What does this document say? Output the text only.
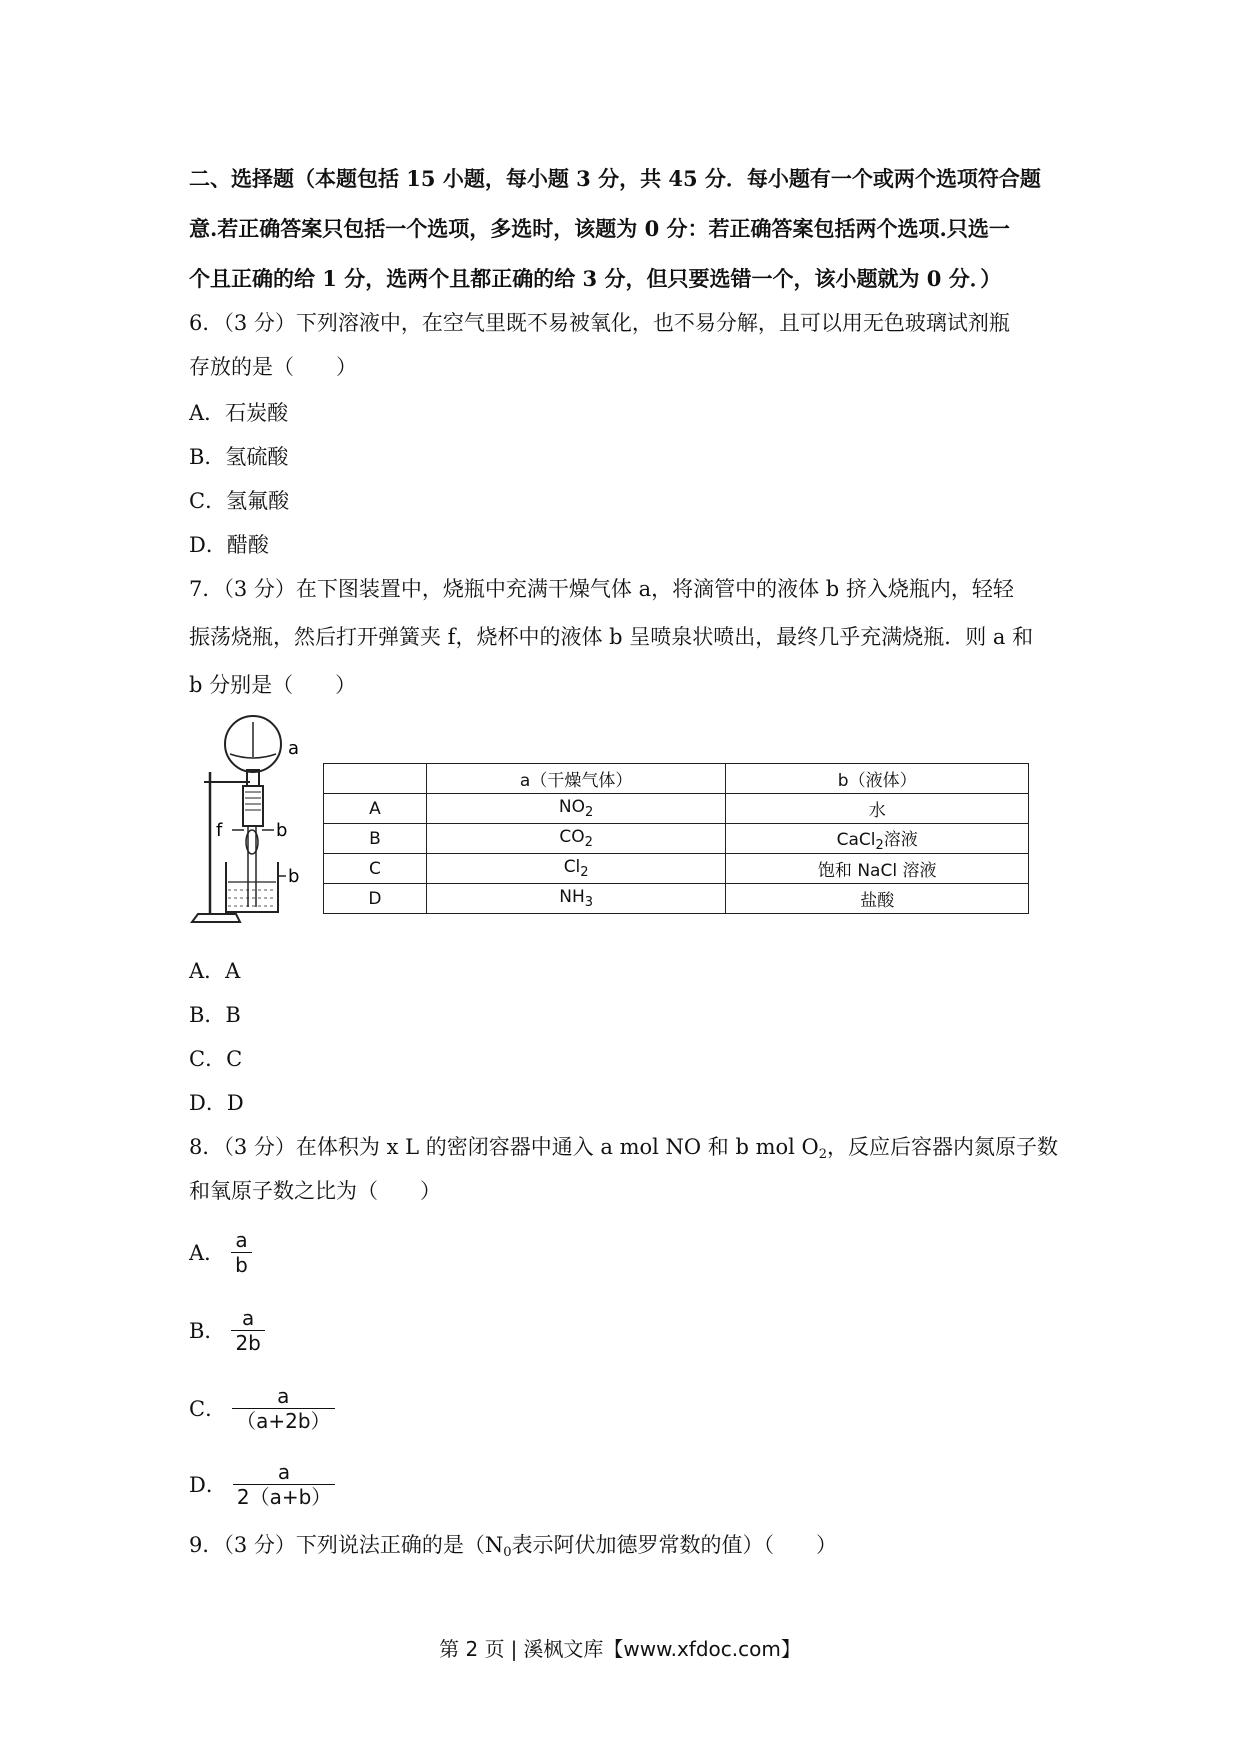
二、选择题（本题包括 15 小题，每小题 3 分，共 45 分．每小题有一个或两个选项符合题
意.若正确答案只包括一个选项，多选时，该题为 0 分：若正确答案包括两个选项.只选一
个且正确的给 1 分，选两个且都正确的给 3 分，但只要选错一个，该小题就为 0 分．）
6．（3 分）下列溶液中，在空气里既不易被氧化，也不易分解，且可以用无色玻璃试剂瓶
存放的是（　　）
A．石炭酸
B．氢硫酸
C．氢氟酸
D．醋酸
7．（3 分）在下图装置中，烧瓶中充满干燥气体 a，将滴管中的液体 b 挤入烧瓶内，轻轻
振荡烧瓶，然后打开弹簧夹 f，烧杯中的液体 b 呈喷泉状喷出，最终几乎充满烧瓶．则 a 和
b 分别是（　　）
a
f	b
b
	a（干燥气体）	b（液体）
A	$NO_2$	水
B	$CO_2$	CaCl$_2$溶液
C	$Cl_2$	饱和 NaCl 溶液
D	$NH_3$	盐酸
A．A
B．B
C．C
D．D
8．（3 分）在体积为 x L 的密闭容器中通入 a mol NO 和 b mol $O_2$，反应后容器内氮原子数
和氧原子数之比为（　　）
A． $\frac{a}{b}$
B． $\frac{a}{2b}$
C． $\frac{a}{(a+2b)}$
D． $\frac{a}{2(a+b)}$
9．（3 分）下列说法正确的是（$N_0$表示阿伏加德罗常数的值）（　　）
第 2 页 | 溪枫文库【www.xfdoc.com】
